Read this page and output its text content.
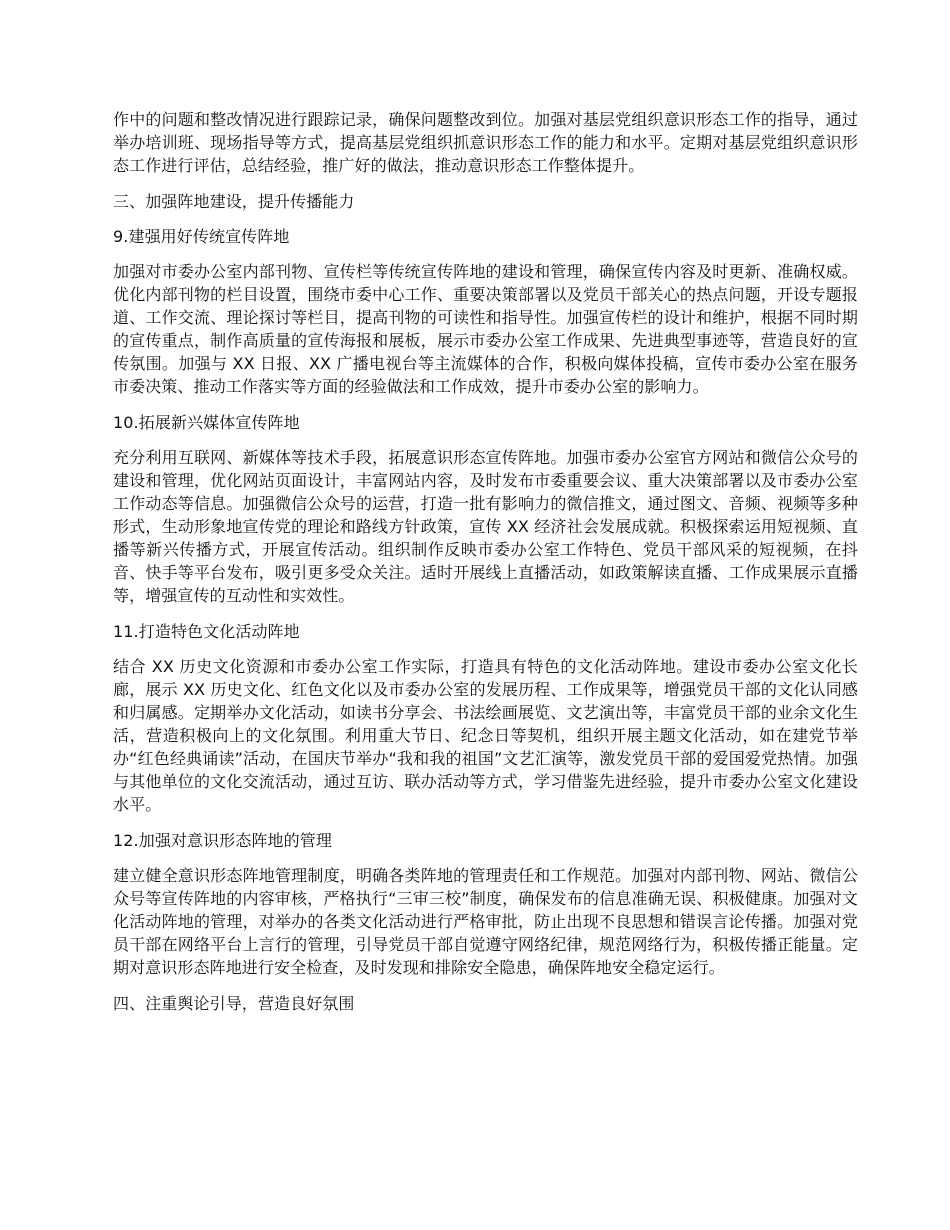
作中的问题和整改情况进行跟踪记录，确保问题整改到位。加强对基层党组织意识形态工作的指导，通过举办培训班、现场指导等方式，提高基层党组织抓意识形态工作的能力和水平。定期对基层党组织意识形态工作进行评估，总结经验，推广好的做法，推动意识形态工作整体提升。

三、加强阵地建设，提升传播能力

9.建强用好传统宣传阵地

加强对市委办公室内部刊物、宣传栏等传统宣传阵地的建设和管理，确保宣传内容及时更新、准确权威。优化内部刊物的栏目设置，围绕市委中心工作、重要决策部署以及党员干部关心的热点问题，开设专题报道、工作交流、理论探讨等栏目，提高刊物的可读性和指导性。加强宣传栏的设计和维护，根据不同时期的宣传重点，制作高质量的宣传海报和展板，展示市委办公室工作成果、先进典型事迹等，营造良好的宣传氛围。加强与 XX 日报、XX 广播电视台等主流媒体的合作，积极向媒体投稿，宣传市委办公室在服务市委决策、推动工作落实等方面的经验做法和工作成效，提升市委办公室的影响力。

10.拓展新兴媒体宣传阵地

充分利用互联网、新媒体等技术手段，拓展意识形态宣传阵地。加强市委办公室官方网站和微信公众号的建设和管理，优化网站页面设计，丰富网站内容，及时发布市委重要会议、重大决策部署以及市委办公室工作动态等信息。加强微信公众号的运营，打造一批有影响力的微信推文，通过图文、音频、视频等多种形式，生动形象地宣传党的理论和路线方针政策，宣传 XX 经济社会发展成就。积极探索运用短视频、直播等新兴传播方式，开展宣传活动。组织制作反映市委办公室工作特色、党员干部风采的短视频，在抖音、快手等平台发布，吸引更多受众关注。适时开展线上直播活动，如政策解读直播、工作成果展示直播等，增强宣传的互动性和实效性。

11.打造特色文化活动阵地

结合 XX 历史文化资源和市委办公室工作实际，打造具有特色的文化活动阵地。建设市委办公室文化长廊，展示 XX 历史文化、红色文化以及市委办公室的发展历程、工作成果等，增强党员干部的文化认同感和归属感。定期举办文化活动，如读书分享会、书法绘画展览、文艺演出等，丰富党员干部的业余文化生活，营造积极向上的文化氛围。利用重大节日、纪念日等契机，组织开展主题文化活动，如在建党节举办“红色经典诵读”活动，在国庆节举办“我和我的祖国”文艺汇演等，激发党员干部的爱国爱党热情。加强与其他单位的文化交流活动，通过互访、联办活动等方式，学习借鉴先进经验，提升市委办公室文化建设水平。

12.加强对意识形态阵地的管理

建立健全意识形态阵地管理制度，明确各类阵地的管理责任和工作规范。加强对内部刊物、网站、微信公众号等宣传阵地的内容审核，严格执行“三审三校”制度，确保发布的信息准确无误、积极健康。加强对文化活动阵地的管理，对举办的各类文化活动进行严格审批，防止出现不良思想和错误言论传播。加强对党员干部在网络平台上言行的管理，引导党员干部自觉遵守网络纪律，规范网络行为，积极传播正能量。定期对意识形态阵地进行安全检查，及时发现和排除安全隐患，确保阵地安全稳定运行。

四、注重舆论引导，营造良好氛围
